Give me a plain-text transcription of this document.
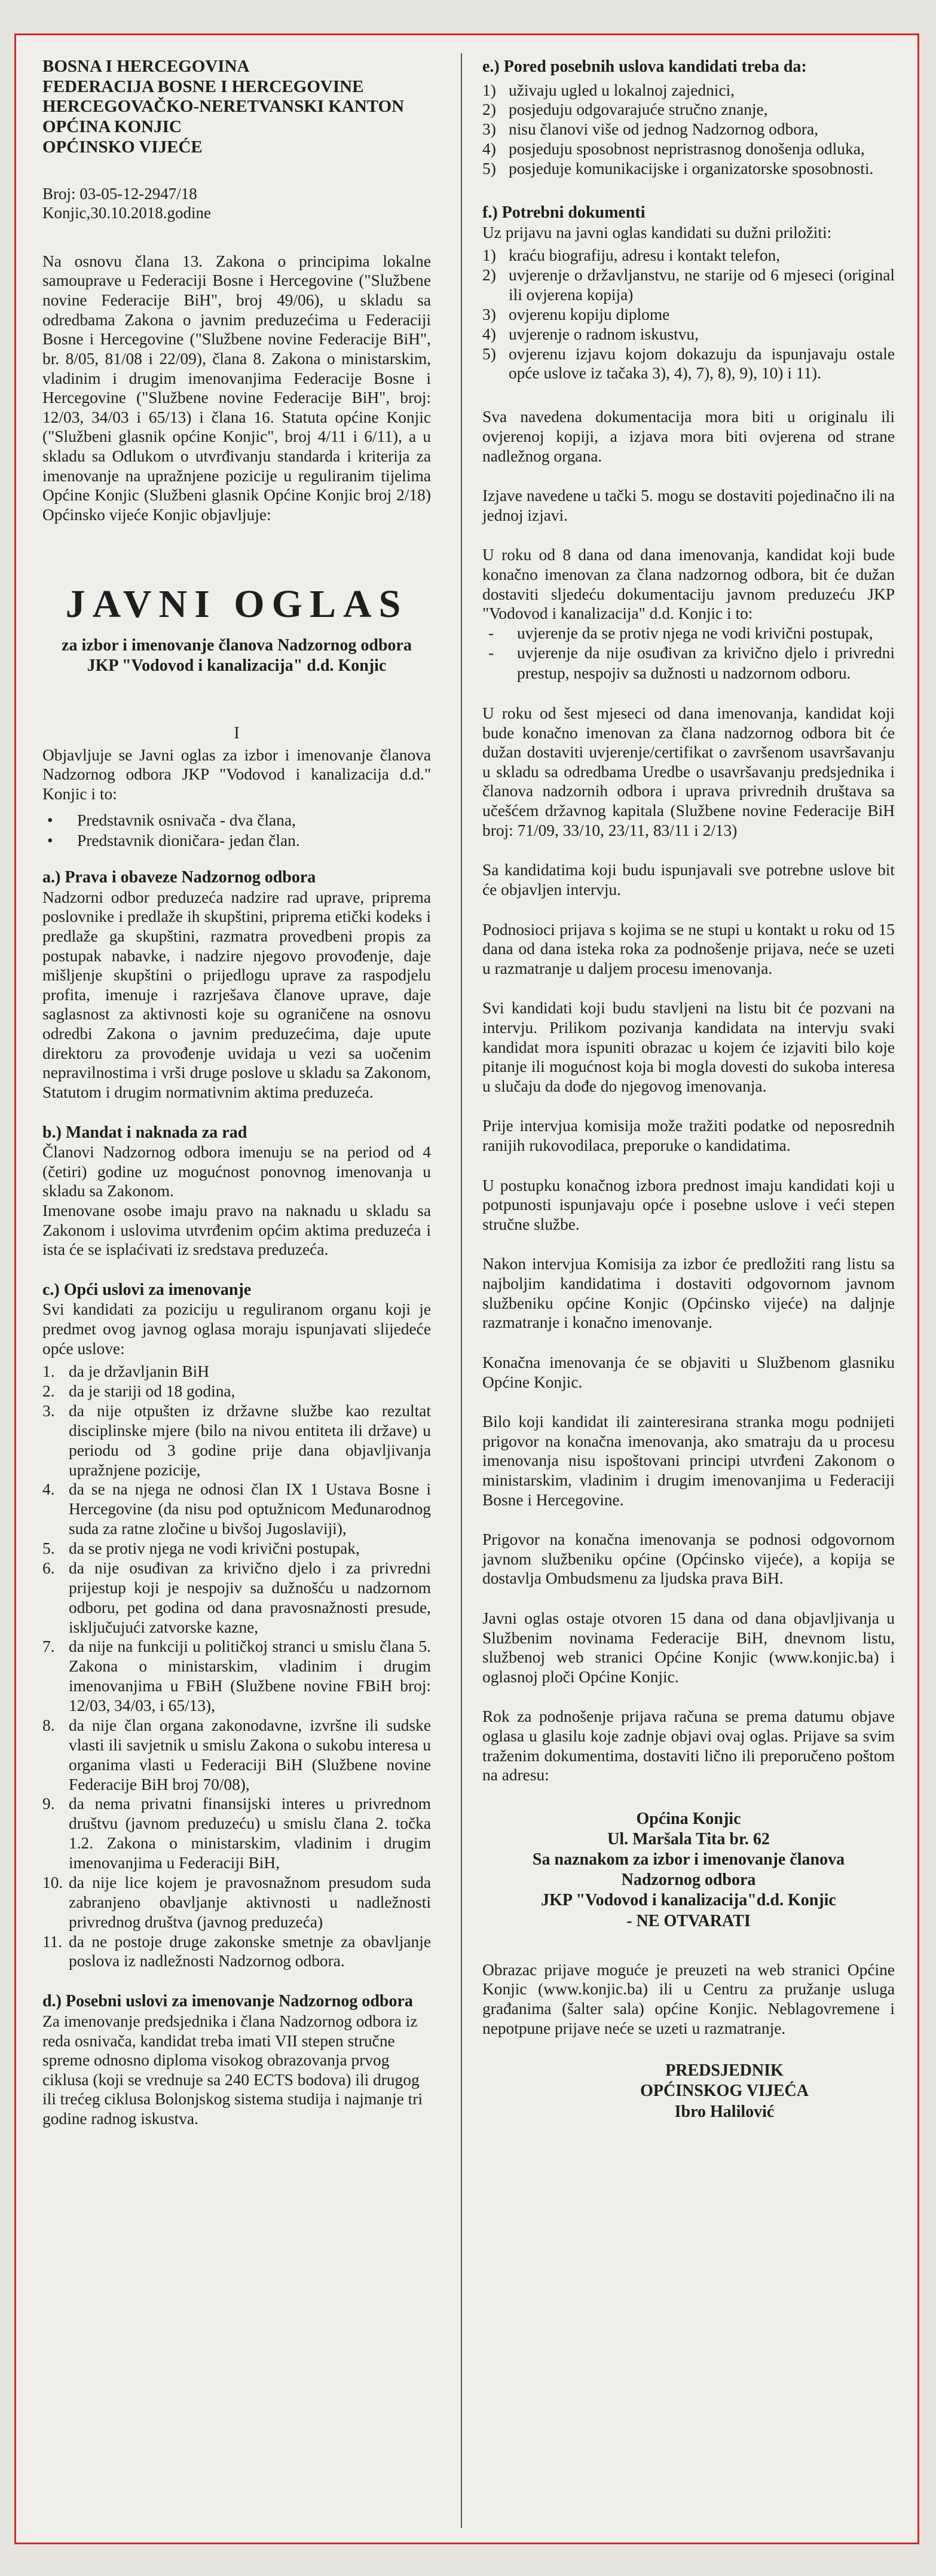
BOSNA I HERCEGOVINA

FEDERACIJA BOSNE I HERCEGOVINE

HERCEGOVAČKO-NERETVANSKI KANTON

OPĆINA KONJIC

OPĆINSKO VIJEĆE

Broj: 03-05-12-2947/18

Konjic,30.10.2018.godine

Na osnovu člana 13. Zakona o principima lokalne samouprave u Federaciji Bosne i Hercegovine ("Službene novine Federacije BiH", broj 49/06), u skladu sa odredbama Zakona o javnim preduzećima u Federaciji Bosne i Hercegovine ("Službene novine Federacije BiH", br. 8/05, 81/08 i 22/09), člana 8. Zakona o ministarskim, vladinim i drugim imenovanjima Federacije Bosne i Hercegovine ("Službene novine Federacije BiH", broj: 12/03, 34/03 i 65/13) i člana 16. Statuta općine Konjic ("Službeni glasnik općine Konjic", broj 4/11 i 6/11), a u skladu sa Odlukom o utvrđivanju standarda i kriterija za imenovanje na upražnjene pozicije u reguliranim tijelima Općine Konjic (Službeni glasnik Općine Konjic broj 2/18) Općinsko vijeće Konjic objavljuje:

JAVNI OGLAS

za izbor i imenovanje članova Nadzornog odbora

JKP "Vodovod i kanalizacija" d.d. Konjic

I

Objavljuje se Javni oglas za izbor i imenovanje članova Nadzornog odbora JKP "Vodovod i kanalizacija d.d." Konjic i to:

• Predstavnik osnivača - dva člana,
• Predstavnik dioničara- jedan član.

a.) Prava i obaveze Nadzornog odbora

Nadzorni odbor preduzeća nadzire rad uprave, priprema poslovnike i predlaže ih skupštini, priprema etički kodeks i predlaže ga skupštini, razmatra provedbeni propis za postupak nabavke, i nadzire njegovo provođenje, daje mišljenje skupštini o prijedlogu uprave za raspodjelu profita, imenuje i razrješava članove uprave, daje saglasnost za aktivnosti koje su ograničene na osnovu odredbi Zakona o javnim preduzećima, daje upute direktoru za provođenje uvidaja u vezi sa uočenim nepravilnostima i vrši druge poslove u skladu sa Zakonom, Statutom i drugim normativnim aktima preduzeća.

b.) Mandat i naknada za rad

Članovi Nadzornog odbora imenuju se na period od 4 (četiri) godine uz mogućnost ponovnog imenovanja u skladu sa Zakonom.

Imenovane osobe imaju pravo na naknadu u skladu sa Zakonom i uslovima utvrđenim općim aktima preduzeća i ista će se isplaćivati iz sredstava preduzeća.

c.) Opći uslovi za imenovanje

Svi kandidati za poziciju u reguliranom organu koji je predmet ovog javnog oglasa moraju ispunjavati slijedeće opće uslove:

1. da je državljanin BiH
2. da je stariji od 18 godina,
3. da nije otpušten iz državne službe kao rezultat disciplinske mjere (bilo na nivou entiteta ili države) u periodu od 3 godine prije dana objavljivanja upražnjene pozicije,
4. da se na njega ne odnosi član IX 1 Ustava Bosne i Hercegovine (da nisu pod optužnicom Međunarodnog suda za ratne zločine u bivšoj Jugoslaviji),
5. da se protiv njega ne vodi krivični postupak,
6. da nije osuđivan za krivično djelo i za privredni prijestup koji je nespojiv sa dužnošću u nadzornom odboru, pet godina od dana pravosnažnosti presude, isključujući zatvorske kazne,
7. da nije na funkciji u političkoj stranci u smislu člana 5. Zakona o ministarskim, vladinim i drugim imenovanjima u FBiH (Službene novine FBiH broj: 12/03, 34/03, i 65/13),
8. da nije član organa zakonodavne, izvršne ili sudske vlasti ili savjetnik u smislu Zakona o sukobu interesa u organima vlasti u Federaciji BiH (Službene novine Federacije BiH broj 70/08),
9. da nema privatni finansijski interes u privrednom društvu (javnom preduzeću) u smislu člana 2. točka 1.2. Zakona o ministarskim, vladinim i drugim imenovanjima u Federaciji BiH,
10. da nije lice kojem je pravosnažnom presudom suda zabranjeno obavljanje aktivnosti u nadležnosti privrednog društva (javnog preduzeća)
11. da ne postoje druge zakonske smetnje za obavljanje poslova iz nadležnosti Nadzornog odbora.

d.) Posebni uslovi za imenovanje Nadzornog odbora

Za imenovanje predsjednika i člana Nadzornog odbora iz reda osnivača, kandidat treba imati VII stepen stručne spreme odnosno diploma visokog obrazovanja prvog ciklusa (koji se vrednuje sa 240 ECTS bodova) ili drugog ili trećeg ciklusa Bolonjskog sistema studija i najmanje tri godine radnog iskustva.

e.) Pored posebnih uslova kandidati treba da:

1) uživaju ugled u lokalnoj zajednici,
2) posjeduju odgovarajuće stručno znanje,
3) nisu članovi više od jednog Nadzornog odbora,
4) posjeduju sposobnost nepristrasnog donošenja odluka,
5) posjeduje komunikacijske i organizatorske sposobnosti.

f.) Potrebni dokumenti

Uz prijavu na javni oglas kandidati su dužni priložiti:

1) kraću biografiju, adresu i kontakt telefon,
2) uvjerenje o državljanstvu, ne starije od 6 mjeseci (original ili ovjerena kopija)
3) ovjerenu kopiju diplome
4) uvjerenje o radnom iskustvu,
5) ovjerenu izjavu kojom dokazuju da ispunjavaju ostale opće uslove iz tačaka 3), 4), 7), 8), 9), 10) i 11).

Sva navedena dokumentacija mora biti u originalu ili ovjerenoj kopiji, a izjava mora biti ovjerena od strane nadležnog organa.

Izjave navedene u tački 5. mogu se dostaviti pojedinačno ili na jednoj izjavi.

U roku od 8 dana od dana imenovanja, kandidat koji bude konačno imenovan za člana nadzornog odbora, bit će dužan dostaviti sljedeću dokumentaciju javnom preduzeću JKP "Vodovod i kanalizacija" d.d. Konjic i to:

- uvjerenje da se protiv njega ne vodi krivični postupak,
- uvjerenje da nije osuđivan za krivično djelo i privredni prestup, nespojiv sa dužnosti u nadzornom odboru.

U roku od šest mjeseci od dana imenovanja, kandidat koji bude konačno imenovan za člana nadzornog odbora bit će dužan dostaviti uvjerenje/certifikat o završenom usavršavanju u skladu sa odredbama Uredbe o usavršavanju predsjednika i članova nadzornih odbora i uprava privrednih društava sa učešćem državnog kapitala (Službene novine Federacije BiH broj: 71/09, 33/10, 23/11, 83/11 i 2/13)

Sa kandidatima koji budu ispunjavali sve potrebne uslove bit će objavljen intervju.

Podnosioci prijava s kojima se ne stupi u kontakt u roku od 15 dana od dana isteka roka za podnošenje prijava, neće se uzeti u razmatranje u daljem procesu imenovanja.

Svi kandidati koji budu stavljeni na listu bit će pozvani na intervju. Prilikom pozivanja kandidata na intervju svaki kandidat mora ispuniti obrazac u kojem će izjaviti bilo koje pitanje ili mogućnost koja bi mogla dovesti do sukoba interesa u slučaju da dođe do njegovog imenovanja.

Prije intervjua komisija može tražiti podatke od neposrednih ranijih rukovodilaca, preporuke o kandidatima.

U postupku konačnog izbora prednost imaju kandidati koji u potpunosti ispunjavaju opće i posebne uslove i veći stepen stručne službe.

Nakon intervjua Komisija za izbor će predložiti rang listu sa najboljim kandidatima i dostaviti odgovornom javnom službeniku općine Konjic (Općinsko vijeće) na daljnje razmatranje i konačno imenovanje.

Konačna imenovanja će se objaviti u Službenom glasniku Općine Konjic.

Bilo koji kandidat ili zainteresirana stranka mogu podnijeti prigovor na konačna imenovanja, ako smatraju da u procesu imenovanja nisu ispoštovani principi utvrđeni Zakonom o ministarskim, vladinim i drugim imenovanjima u Federaciji Bosne i Hercegovine.

Prigovor na konačna imenovanja se podnosi odgovornom javnom službeniku općine (Općinsko vijeće), a kopija se dostavlja Ombudsmenu za ljudska prava BiH.

Javni oglas ostaje otvoren 15 dana od dana objavljivanja u Službenim novinama Federacije BiH, dnevnom listu, službenoj web stranici Općine Konjic (www.konjic.ba) i oglasnoj ploči Općine Konjic.

Rok za podnošenje prijava računa se prema datumu objave oglasa u glasilu koje zadnje objavi ovaj oglas. Prijave sa svim traženim dokumentima, dostaviti lično ili preporučeno poštom na adresu:

Općina Konjic

Ul. Maršala Tita br. 62

Sa naznakom za izbor i imenovanje članova

Nadzornog odbora

JKP "Vodovod i kanalizacija"d.d. Konjic

- NE OTVARATI

Obrazac prijave moguće je preuzeti na web stranici Općine Konjic (www.konjic.ba) ili u Centru za pružanje usluga građanima (šalter sala) općine Konjic. Neblagovremene i nepotpune prijave neće se uzeti u razmatranje.

PREDSJEDNIK

OPĆINSKOG VIJEĆA

Ibro Halilović
